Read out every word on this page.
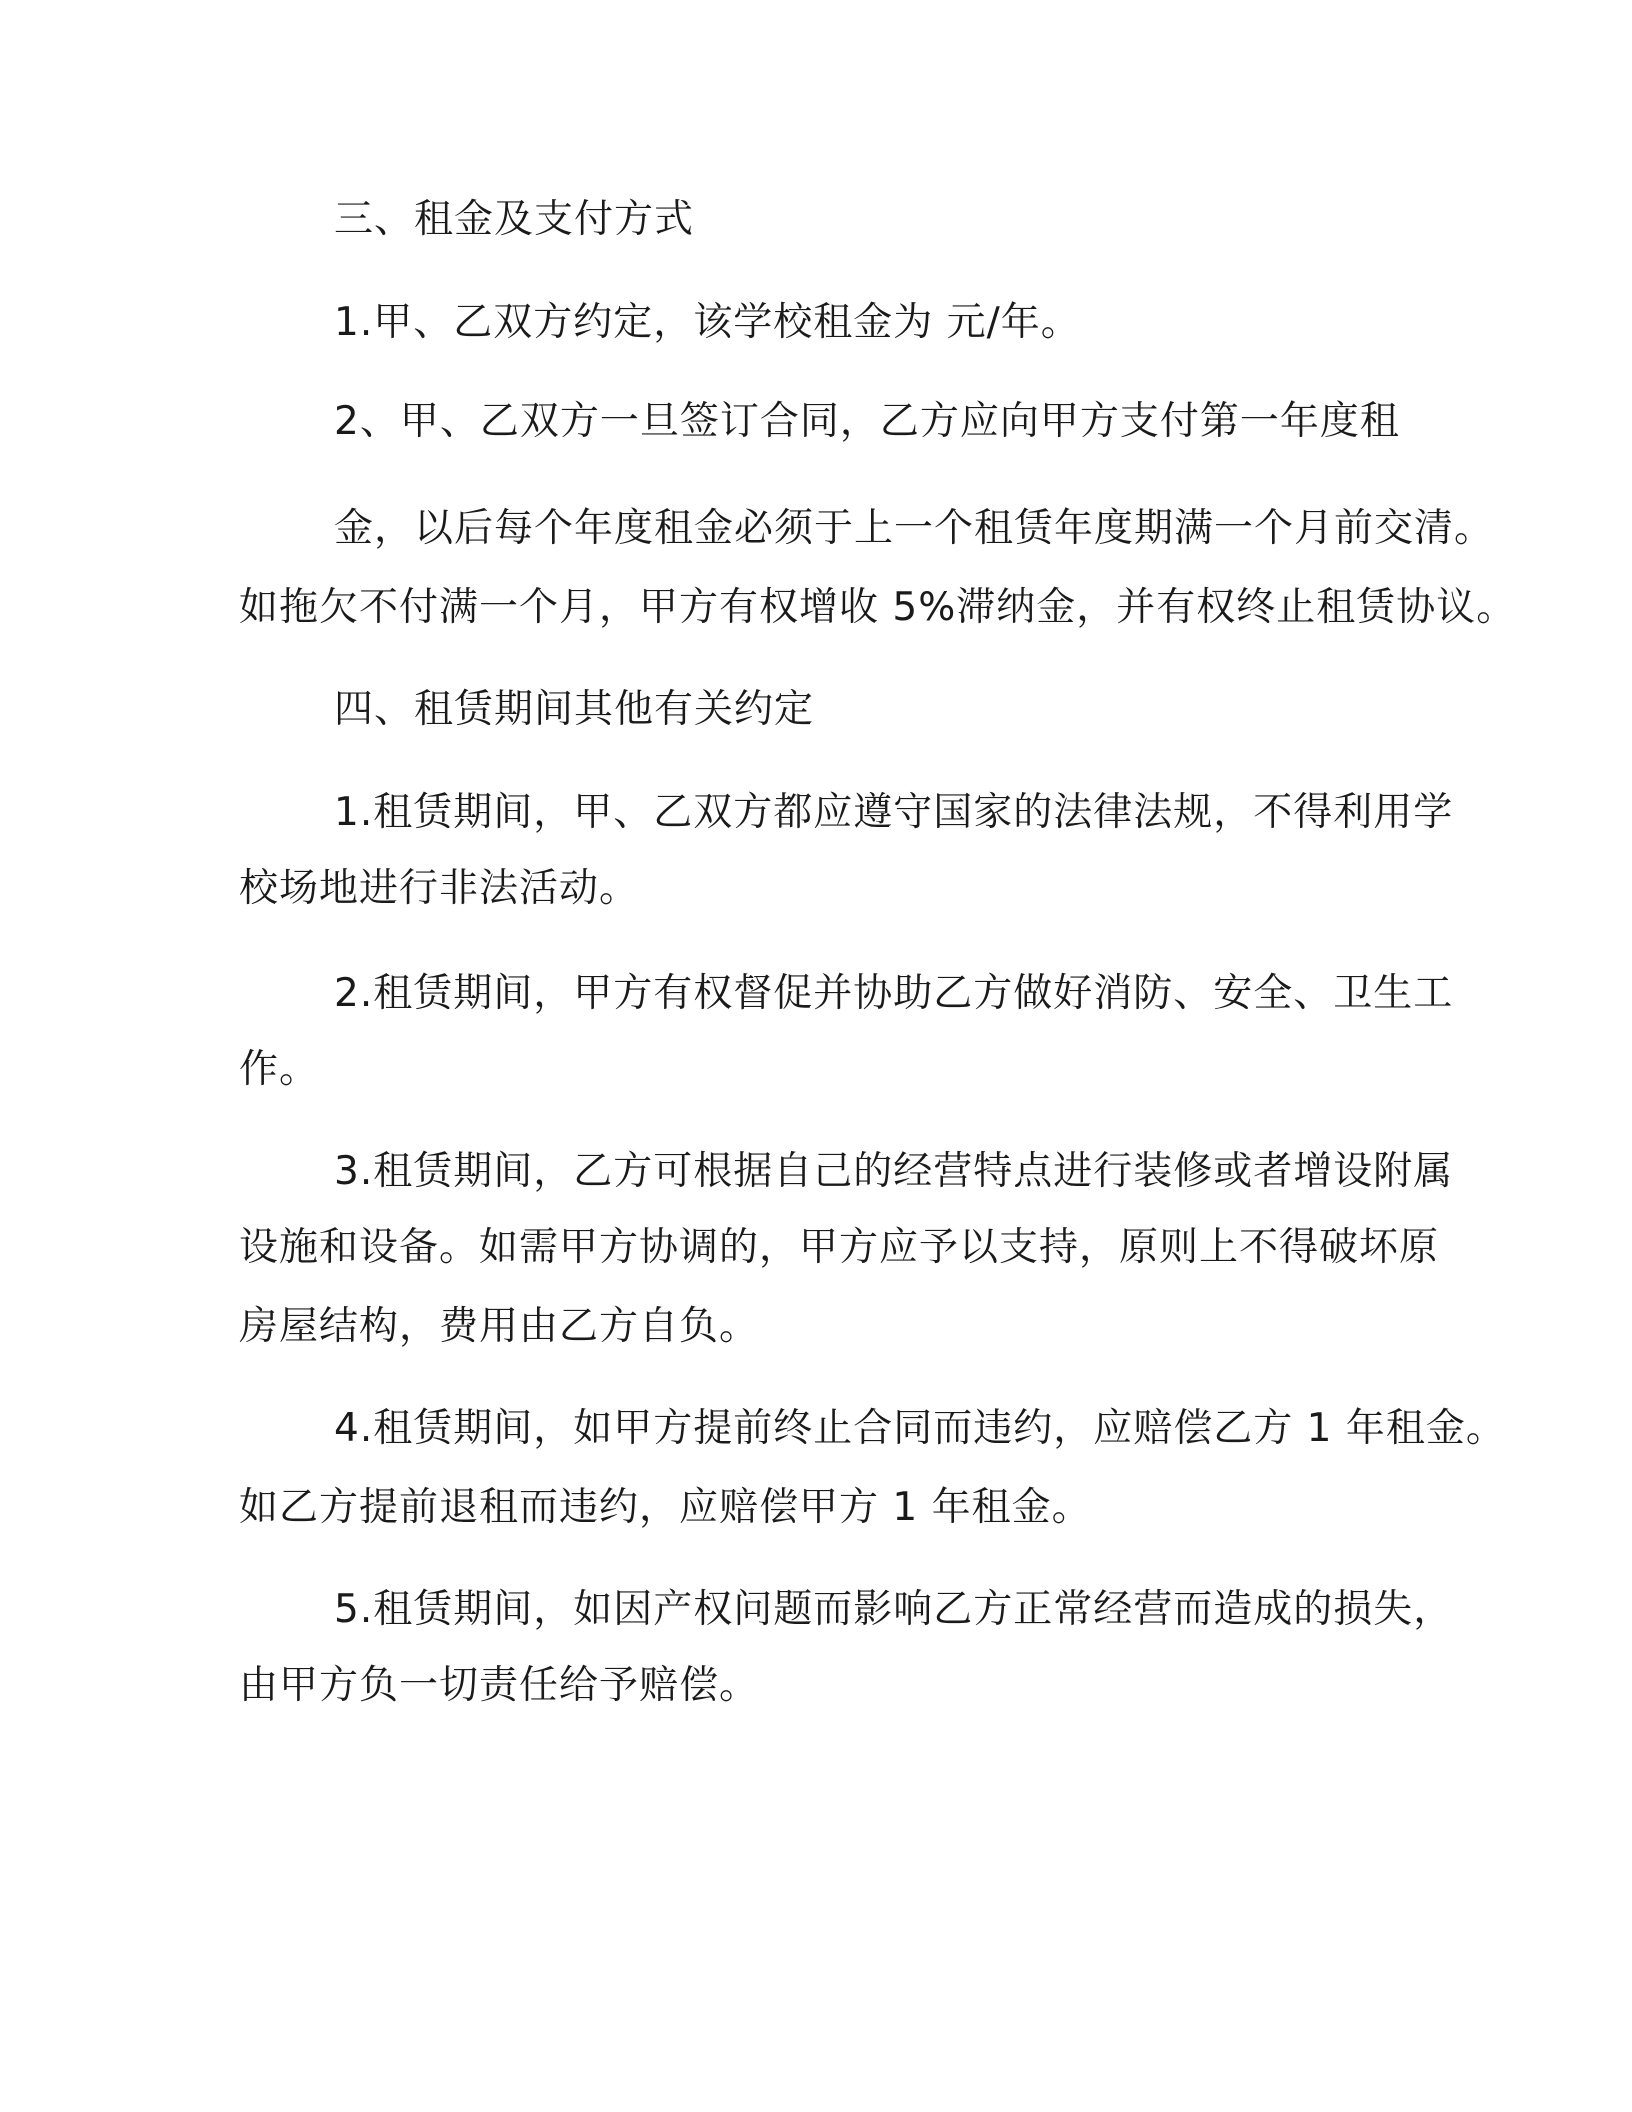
三、租金及支付方式
1.甲、乙双方约定，该学校租金为 元/年。
2、甲、乙双方一旦签订合同，乙方应向甲方支付第一年度租
金，以后每个年度租金必须于上一个租赁年度期满一个月前交清。
如拖欠不付满一个月，甲方有权增收 5%滞纳金，并有权终止租赁协议。
四、租赁期间其他有关约定
1.租赁期间，甲、乙双方都应遵守国家的法律法规，不得利用学
校场地进行非法活动。
2.租赁期间，甲方有权督促并协助乙方做好消防、安全、卫生工
作。
3.租赁期间，乙方可根据自己的经营特点进行装修或者增设附属
设施和设备。如需甲方协调的，甲方应予以支持，原则上不得破坏原
房屋结构，费用由乙方自负。
4.租赁期间，如甲方提前终止合同而违约，应赔偿乙方 1 年租金。
如乙方提前退租而违约，应赔偿甲方 1 年租金。
5.租赁期间，如因产权问题而影响乙方正常经营而造成的损失，
由甲方负一切责任给予赔偿。
